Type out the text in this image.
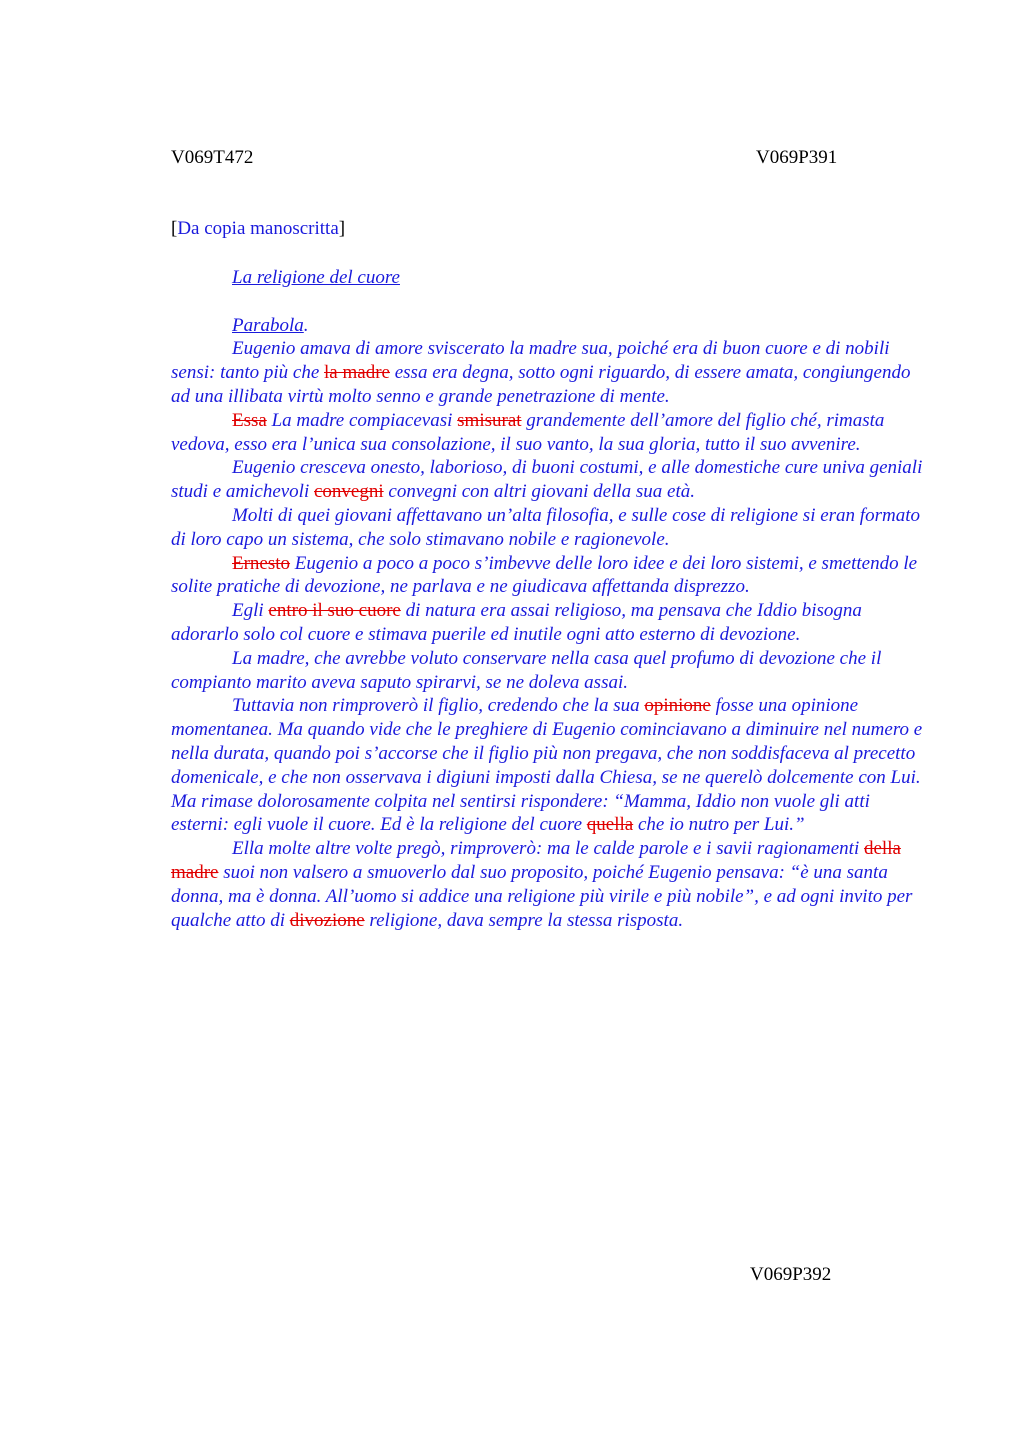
V069T472	V069P391
[Da copia manoscritta]

La religione del cuore

Parabola.

Eugenio amava di amore sviscerato la madre sua, poiché era di buon cuore e di nobili sensi: tanto più che la madre essa era degna, sotto ogni riguardo, di essere amata, congiungendo ad una illibata virtù molto senno e grande penetrazione di mente.

Essa La madre compiacevasi smisurat grandemente dell’amore del figlio ché, rimasta vedova, esso era l’unica sua consolazione, il suo vanto, la sua gloria, tutto il suo avvenire.

Eugenio cresceva onesto, laborioso, di buoni costumi, e alle domestiche cure univa geniali studi e amichevoli convegni convegni con altri giovani della sua età.

Molti di quei giovani affettavano un’alta filosofia, e sulle cose di religione si eran formato di loro capo un sistema, che solo stimavano nobile e ragionevole.

Ernesto Eugenio a poco a poco s’imbevve delle loro idee e dei loro sistemi, e smettendo le solite pratiche di devozione, ne parlava e ne giudicava affettanda disprezzo.

Egli entro il suo cuore di natura era assai religioso, ma pensava che Iddio bisogna adorarlo solo col cuore e stimava puerile ed inutile ogni atto esterno di devozione.

La madre, che avrebbe voluto conservare nella casa quel profumo di devozione che il compianto marito aveva saputo spirarvi, se ne doleva assai.

Tuttavia non rimproverò il figlio, credendo che la sua opinione fosse una opinione momentanea. Ma quando vide che le preghiere di Eugenio cominciavano a diminuire nel numero e nella durata, quando poi s’accorse che il figlio più non pregava, che non soddisfaceva al precetto domenicale, e che non osservava i digiuni imposti dalla Chiesa, se ne querelò dolcemente con Lui. Ma rimase dolorosamente colpita nel sentirsi rispondere: “Mamma, Iddio non vuole gli atti esterni: egli vuole il cuore. Ed è la religione del cuore quella che io nutro per Lui.”

Ella molte altre volte pregò, rimproverò: ma le calde parole e i savii ragionamenti della madre suoi non valsero a smuoverlo dal suo proposito, poiché Eugenio pensava: “è una santa donna, ma è donna. All’uomo si addice una religione più virile e più nobile”, e ad ogni invito per qualche atto di divozione religione, dava sempre la stessa risposta.

V069P392
